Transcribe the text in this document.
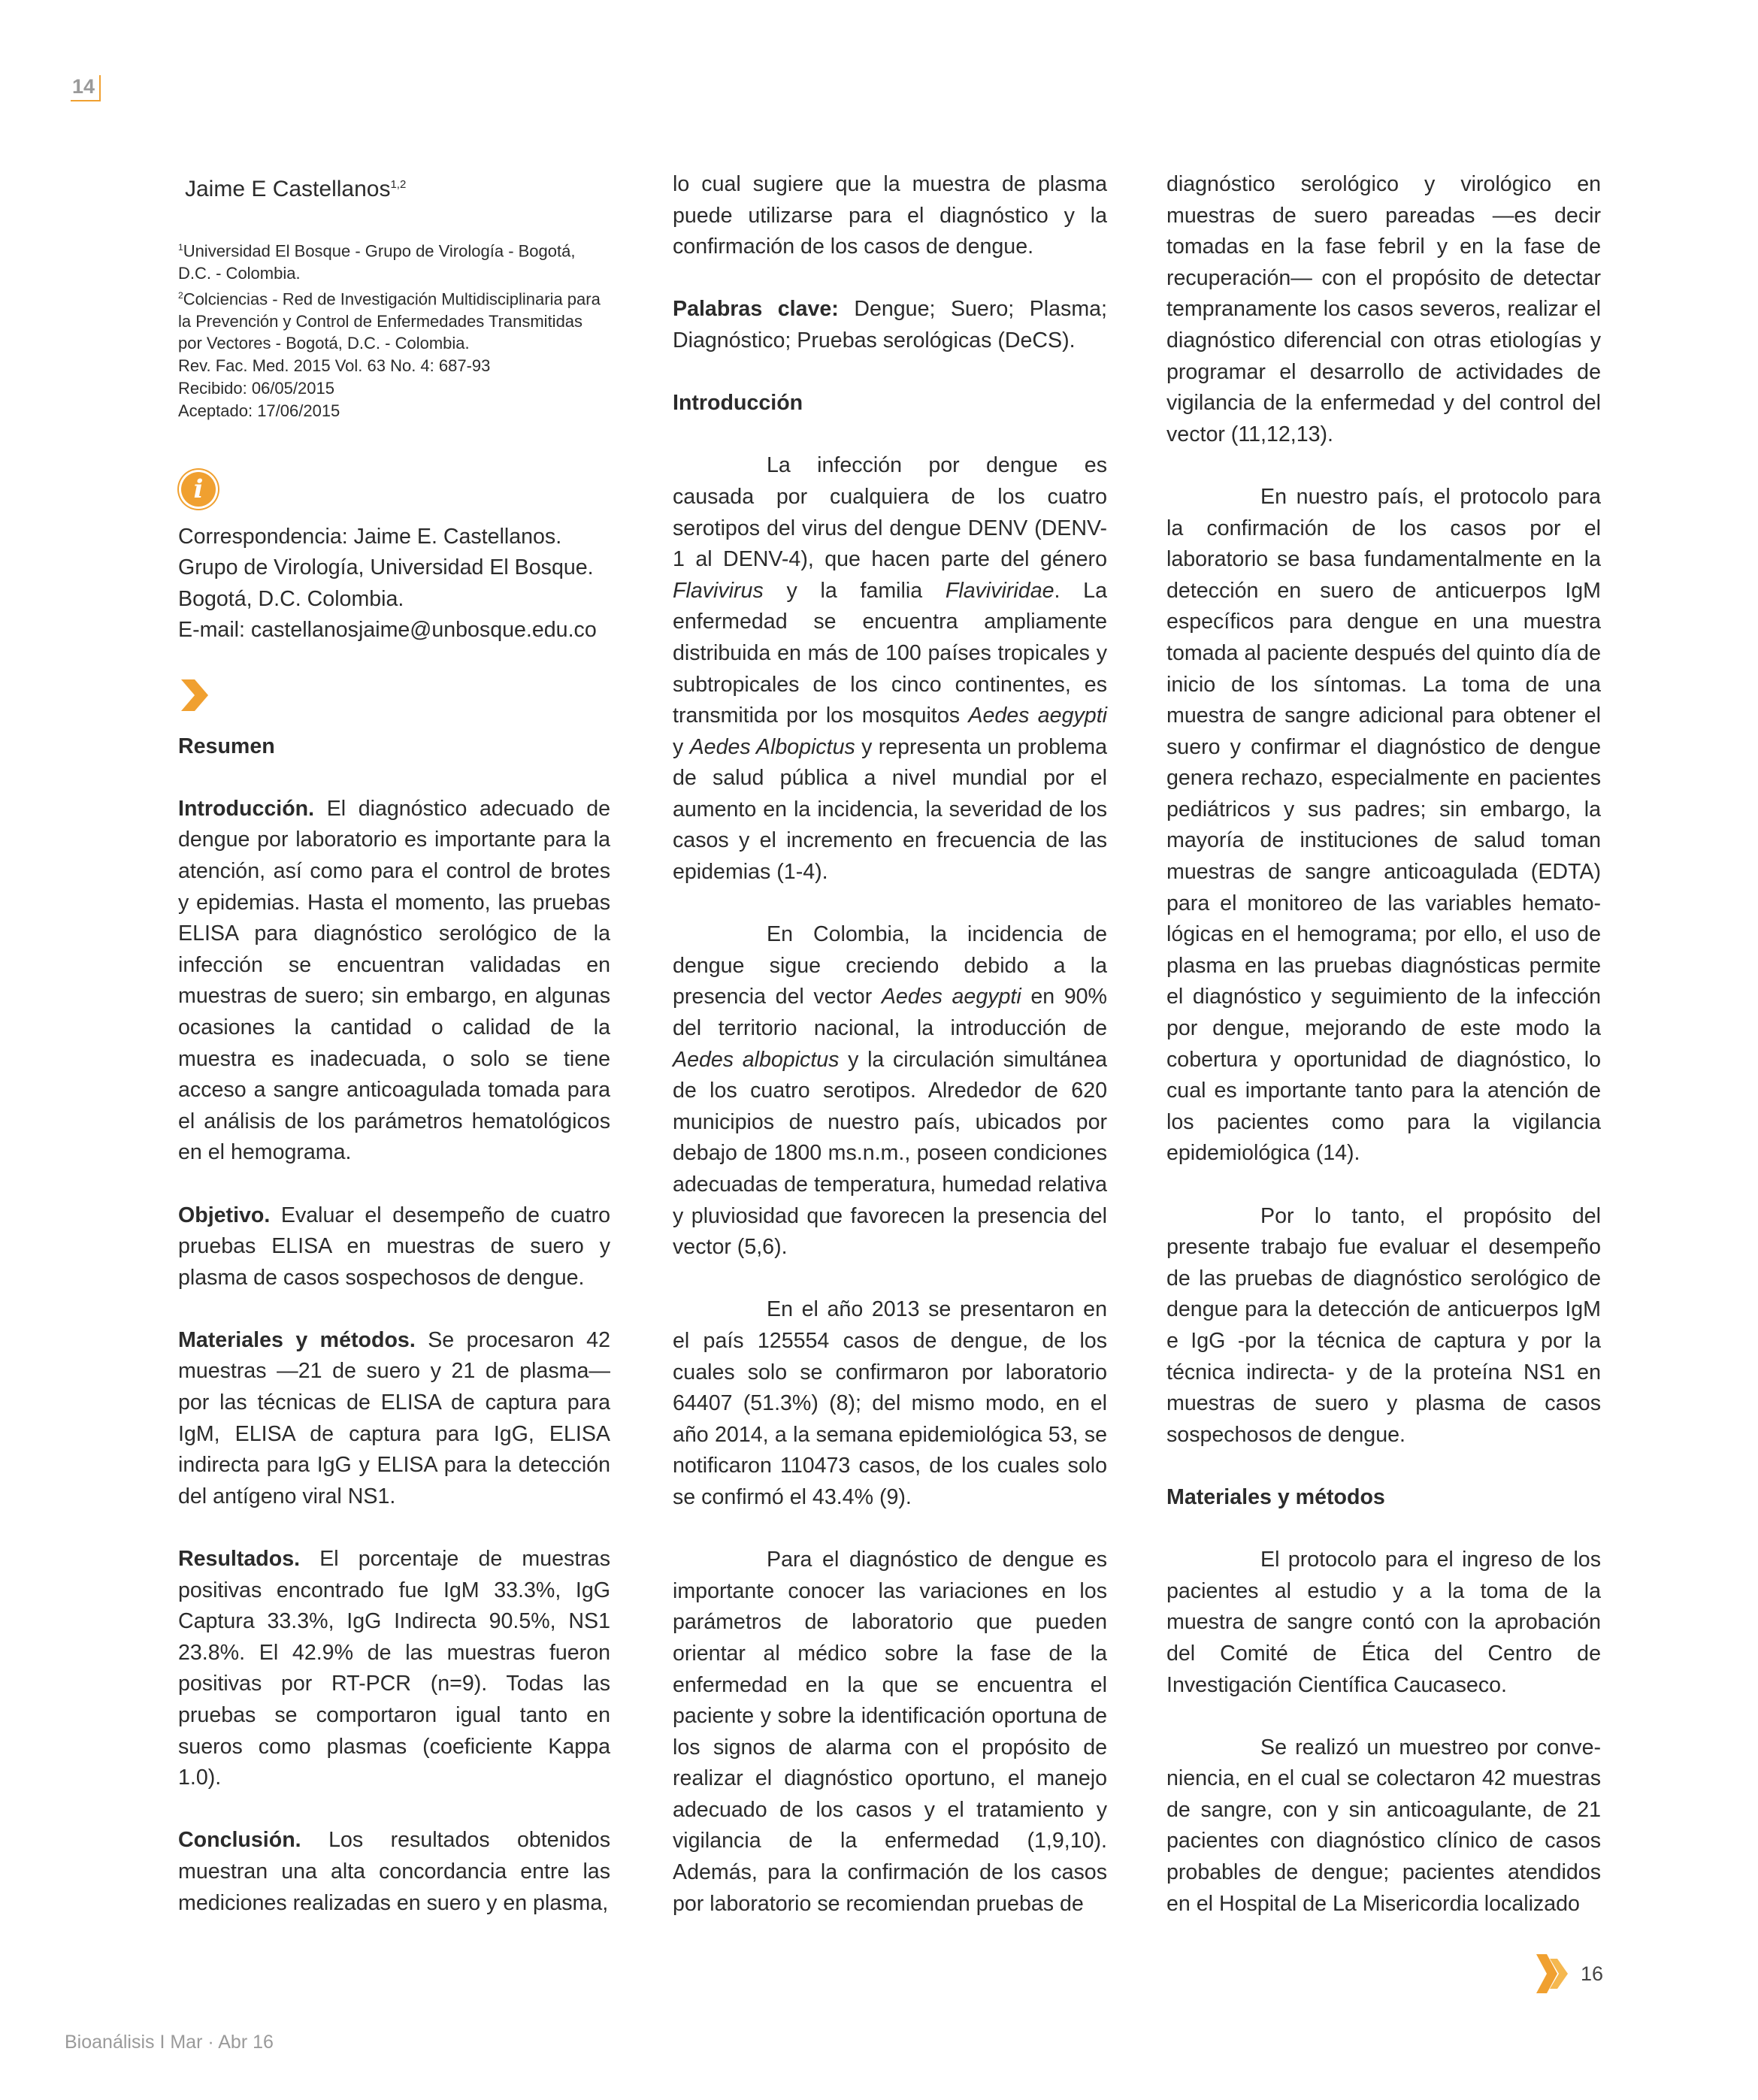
14

Jaime E Castellanos$^{1,2}$

$^1$Universidad El Bosque - Grupo de Virología - Bogotá, D.C. - Colombia.

$^2$Colciencias - Red de Investigación Multidisciplinaria para la Prevención y Control de Enfermedades Transmitidas por Vectores - Bogotá, D.C. - Colombia.

Rev. Fac. Med. 2015 Vol. 63 No. 4: 687-93

Recibido: 06/05/2015

Aceptado: 17/06/2015

i

Correspondencia: Jaime E. Castellanos.

Grupo de Virología, Universidad El Bosque.

Bogotá, D.C. Colombia.

E-mail: castellanosjaime@unbosque.edu.co

Resumen

Introducción. El diagnóstico adecuado de dengue por laboratorio es importante para la atención, así como para el control de brotes y epidemias. Hasta el momento, las pruebas ELISA para diagnóstico serológico de la infección se encuentran validadas en muestras de suero; sin embargo, en algunas ocasiones la cantidad o calidad de la muestra es inadecuada, o solo se tiene acceso a sangre anticoagulada tomada para el análisis de los parámetros hematológicos en el hemograma.

Objetivo. Evaluar el desempeño de cuatro pruebas ELISA en muestras de suero y plasma de casos sospechosos de dengue.

Materiales y métodos. Se procesaron 42 muestras —21 de suero y 21 de plasma— por las técnicas de ELISA de captura para IgM, ELISA de captura para IgG, ELISA indirecta para IgG y ELISA para la detección del antígeno viral NS1.

Resultados. El porcentaje de muestras positivas encontrado fue IgM 33.3%, IgG Captura 33.3%, IgG Indirecta 90.5%, NS1 23.8%. El 42.9% de las muestras fueron positivas por RT-PCR (n=9). Todas las pruebas se comportaron igual tanto en sueros como plasmas (coeficiente Kappa 1.0).

Conclusión. Los resultados obtenidos muestran una alta concordancia entre las mediciones realizadas en suero y en plasma,

lo cual sugiere que la muestra de plasma puede utilizarse para el diagnóstico y la confirmación de los casos de dengue.

Palabras clave: Dengue; Suero; Plasma; Diagnóstico; Pruebas serológicas (DeCS).

Introducción

La infección por dengue es causada por cualquiera de los cuatro serotipos del virus del dengue DENV (DENV-1 al DENV-4), que hacen parte del género Flavivirus y la familia Flaviviridae. La enfermedad se encuentra ampliamente distribuida en más de 100 países tropicales y subtropicales de los cinco continentes, es transmitida por los mosquitos Aedes aegypti y Aedes Albopictus y representa un problema de salud pública a nivel mundial por el aumento en la incidencia, la severidad de los casos y el incremento en frecuencia de las epidemias (1-4).

En Colombia, la incidencia de dengue sigue creciendo debido a la presencia del vector Aedes aegypti en 90% del territorio nacional, la introducción de Aedes albopictus y la circulación simultánea de los cuatro serotipos. Alrededor de 620 municipios de nuestro país, ubicados por debajo de 1800 ms.n.m., poseen condiciones adecuadas de temperatura, humedad relativa y pluviosidad que favorecen la presencia del vector (5,6).

En el año 2013 se presentaron en el país 125554 casos de dengue, de los cuales solo se confirmaron por laboratorio 64407 (51.3%) (8); del mismo modo, en el año 2014, a la semana epidemiológica 53, se notificaron 110473 casos, de los cuales solo se confirmó el 43.4% (9).

Para el diagnóstico de dengue es importante conocer las variaciones en los parámetros de laboratorio que pueden orientar al médico sobre la fase de la enfermedad en la que se encuentra el paciente y sobre la identificación oportuna de los signos de alarma con el propósito de realizar el diagnóstico oportuno, el manejo adecuado de los casos y el tratamiento y vigilancia de la enfermedad (1,9,10). Además, para la confirmación de los casos por laboratorio se recomiendan pruebas de

diagnóstico serológico y virológico en muestras de suero pareadas —es decir tomadas en la fase febril y en la fase de recuperación— con el propósito de detectar tempranamente los casos severos, realizar el diagnóstico diferencial con otras etiologías y programar el desarrollo de actividades de vigilancia de la enfermedad y del control del vector (11,12,13).

En nuestro país, el protocolo para la confirmación de los casos por el laboratorio se basa fundamentalmente en la detección en suero de anticuerpos IgM específicos para dengue en una muestra tomada al paciente después del quinto día de inicio de los síntomas. La toma de una muestra de sangre adicional para obtener el suero y confirmar el diagnóstico de dengue genera rechazo, especialmente en pacientes pediátricos y sus padres; sin embargo, la mayoría de instituciones de salud toman muestras de sangre anticoagulada (EDTA) para el monitoreo de las variables hemato-lógicas en el hemograma; por ello, el uso de plasma en las pruebas diagnósticas permite el diagnóstico y seguimiento de la infección por dengue, mejorando de este modo la cobertura y oportunidad de diagnóstico, lo cual es importante tanto para la atención de los pacientes como para la vigilancia epidemiológica (14).

Por lo tanto, el propósito del presente trabajo fue evaluar el desempeño de las pruebas de diagnóstico serológico de dengue para la detección de anticuerpos IgM e IgG -por la técnica de captura y por la técnica indirecta- y de la proteína NS1 en muestras de suero y plasma de casos sospechosos de dengue.

Materiales y métodos

El protocolo para el ingreso de los pacientes al estudio y a la toma de la muestra de sangre contó con la aprobación del Comité de Ética del Centro de Investigación Científica Caucaseco.

Se realizó un muestreo por conve-niencia, en el cual se colectaron 42 muestras de sangre, con y sin anticoagulante, de 21 pacientes con diagnóstico clínico de casos probables de dengue; pacientes atendidos en el Hospital de La Misericordia localizado

16
Bioanálisis I Mar · Abr 16
